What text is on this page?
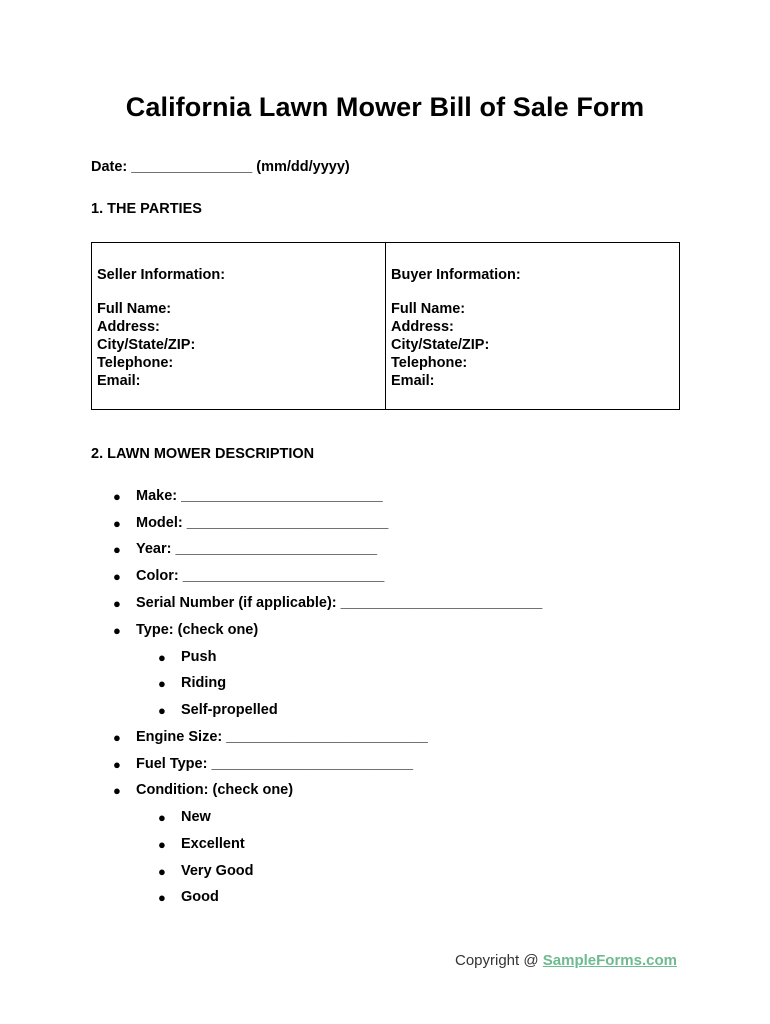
California Lawn Mower Bill of Sale Form
Date: _______________ (mm/dd/yyyy)
1. THE PARTIES
Seller Information:
Full Name:
Address:
City/State/ZIP:
Telephone:
Email:
Buyer Information:
Full Name:
Address:
City/State/ZIP:
Telephone:
Email:
2. LAWN MOWER DESCRIPTION
● Make: _________________________
● Model: _________________________
● Year: _________________________
● Color: _________________________
● Serial Number (if applicable): _________________________
● Type: (check one)
● Push
● Riding
● Self-propelled
● Engine Size: _________________________
● Fuel Type: _________________________
● Condition: (check one)
● New
● Excellent
● Very Good
● Good
Copyright @ SampleForms.com
